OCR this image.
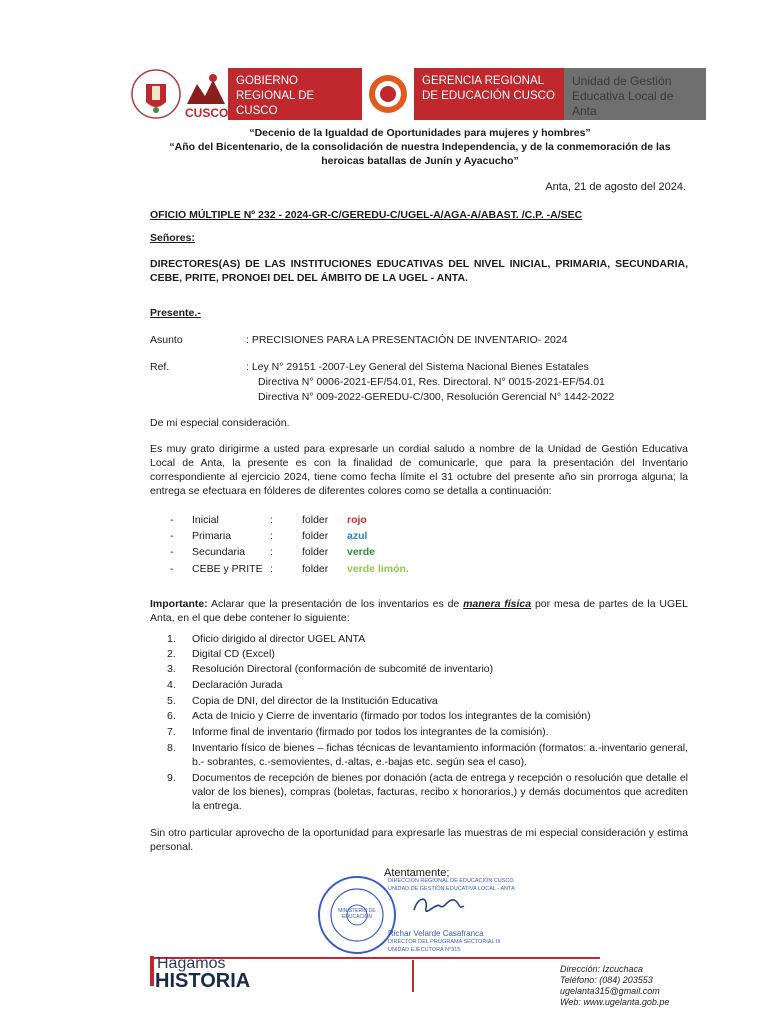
CUSCO
GOBIERNO REGIONAL DE CUSCO
GERENCIA REGIONAL DE EDUCACIÓN CUSCO
Unidad de Gestión Educativa Local de Anta
“Decenio de la Igualdad de Oportunidades para mujeres y hombres”
“Año del Bicentenario, de la consolidación de nuestra Independencia, y de la conmemoración de las heroicas batallas de Junín y Ayacucho”
Anta, 21 de agosto del 2024.
OFICIO MÚLTIPLE Nº 232 - 2024-GR-C/GEREDU-C/UGEL-A/AGA-A/ABAST. /C.P. -A/SEC
Señores:
DIRECTORES(AS) DE LAS INSTITUCIONES EDUCATIVAS DEL NIVEL INICIAL, PRIMARIA, SECUNDARIA, CEBE, PRITE, PRONOEI DEL DEL ÁMBITO DE LA UGEL - ANTA.
Presente.-
Asunto	: PRECISIONES PARA LA PRESENTACIÓN DE INVENTARIO- 2024
Ref.	: Ley N° 29151 -2007-Ley General del Sistema Nacional Bienes Estatales
Directiva N° 0006-2021-EF/54.01, Res. Directoral. N° 0015-2021-EF/54.01
Directiva N° 009-2022-GEREDU-C/300, Resolución Gerencial N° 1442-2022
De mi especial consideración.
Es muy grato dirigirme a usted para expresarle un cordial saludo a nombre de la Unidad de Gestión Educativa Local de Anta, la presente es con la finalidad de comunicarle, que para la presentación del Inventario correspondiente al ejercicio 2024, tiene como fecha límite el 31 octubre del presente año sin prorroga alguna; la entrega se efectuara en fólderes de diferentes colores como se detalla a continuación:
- Inicial	:	folder rojo
- Primaria	:	folder azul
- Secundaria :	folder verde
- CEBE y PRITE :	folder verde limón.
Importante: Aclarar que la presentación de los inventarios es de manera física por mesa de partes de la UGEL Anta, en el que debe contener lo siguiente:
1.	Oficio dirigido al director UGEL ANTA
2.	Digital CD (Excel)
3.	Resolución Directoral (conformación de subcomité de inventario)
4.	Declaración Jurada
5.	Copia de DNI, del director de la Institución Educativa
6.	Acta de Inicio y Cierre de inventario (firmado por todos los integrantes de la comisión)
7.	Informe final de inventario (firmado por todos los integrantes de la comisión).
8.	Inventario físico de bienes – fichas técnicas de levantamiento información (formatos: a.-inventario general, b.- sobrantes, c.-semovientes, d.-altas, e.-bajas etc. según sea el caso).
9.	Documentos de recepción de bienes por donación (acta de entrega y recepción o resolución que detalle el valor de los bienes), compras (boletas, facturas, recibo x honorarios,) y demás documentos que acrediten la entrega.
Sin otro particular aprovecho de la oportunidad para expresarle las muestras de mi especial consideración y estima personal.
Atentamente;
MINISTERIO DE EDUCACIÓN
DIRECCIÓN REGIONAL DE EDUCACIÓN CUSCO
UNIDAD DE GESTIÓN EDUCATIVA LOCAL - ANTA
Richar Velarde Casafranca
DIRECTOR DEL PROGRAMA SECTORIAL III
UNIDAD EJECUTORA N°315
Hagamos
HISTORIA
Dirección: Izcuchaca
Teléfono: (084) 203553
ugelanta315@gmail.com
Web: www.ugelanta.gob.pe
